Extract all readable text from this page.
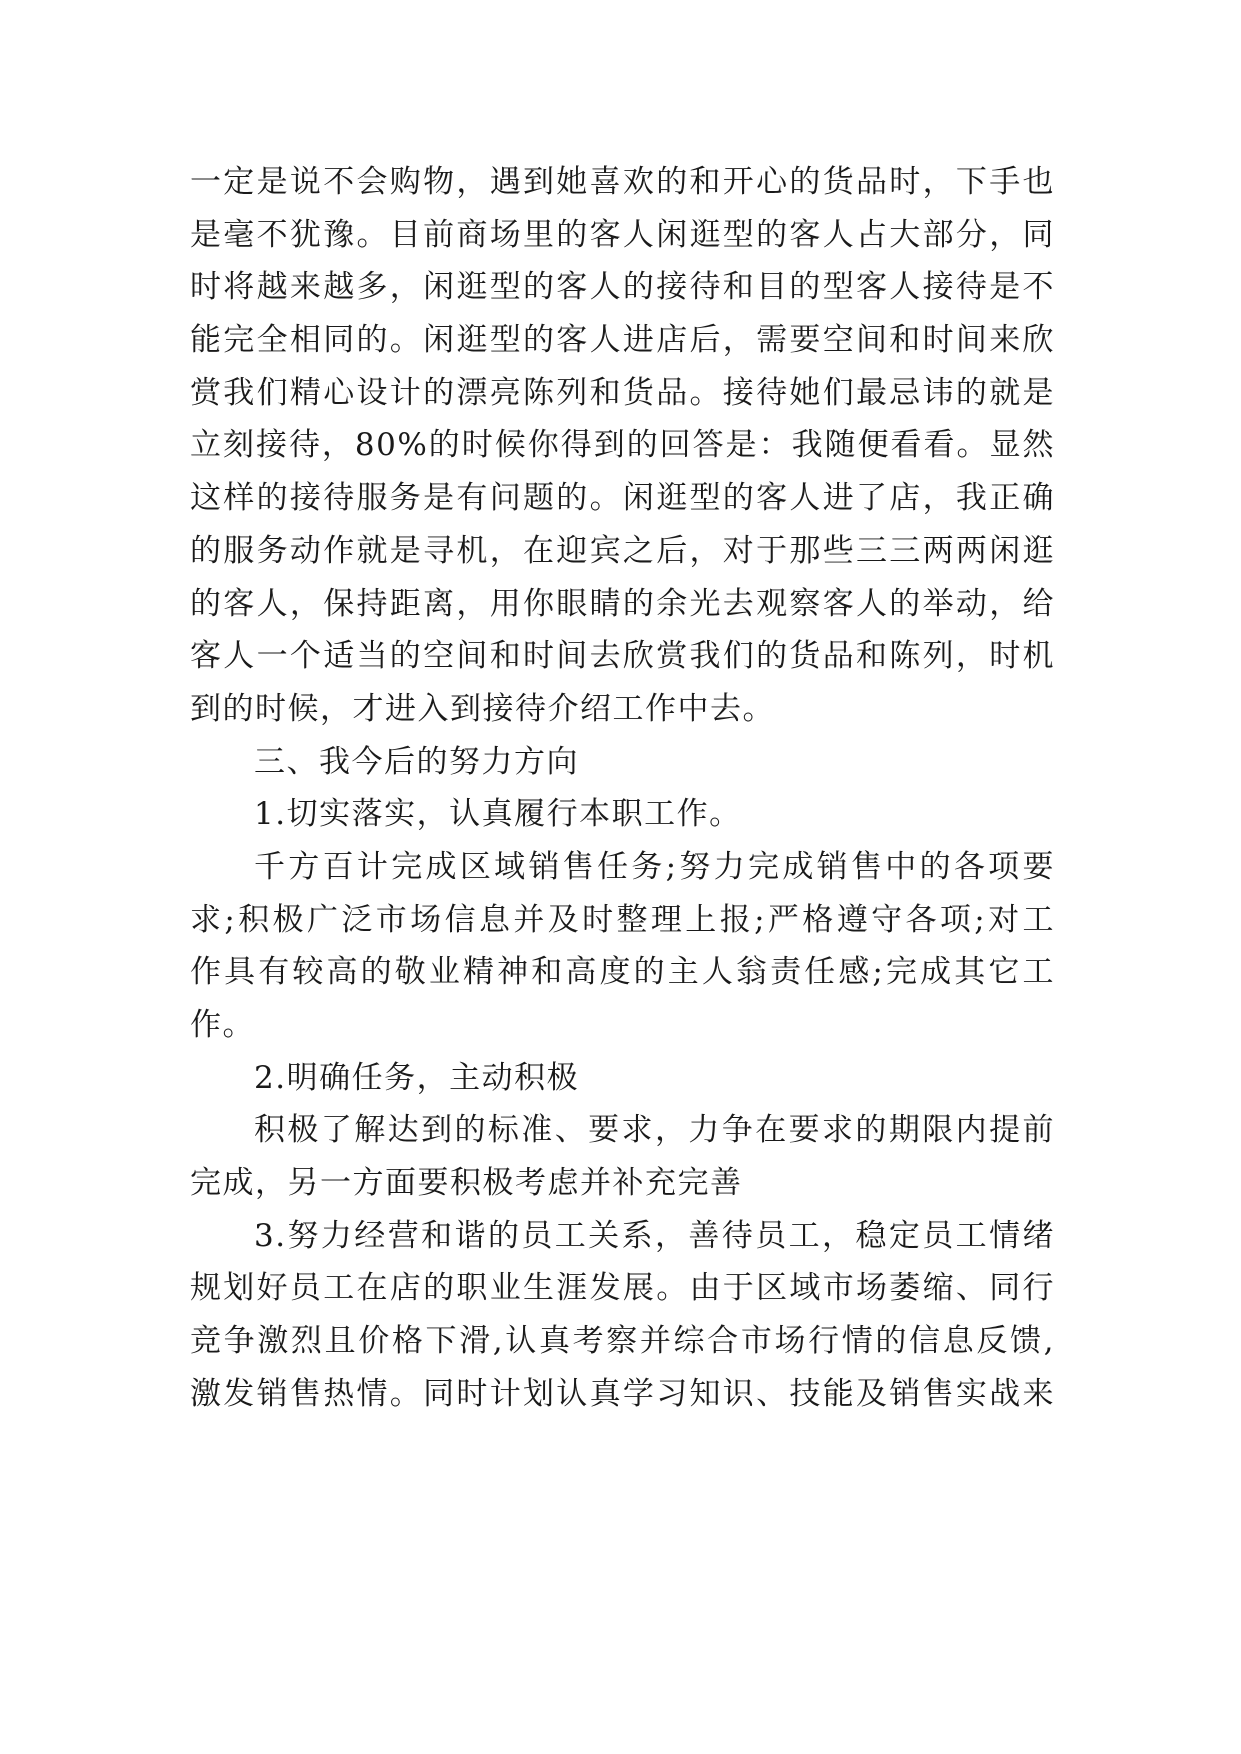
一定是说不会购物，遇到她喜欢的和开心的货品时，下手也
是毫不犹豫。目前商场里的客人闲逛型的客人占大部分，同
时将越来越多，闲逛型的客人的接待和目的型客人接待是不
能完全相同的。闲逛型的客人进店后，需要空间和时间来欣
赏我们精心设计的漂亮陈列和货品。接待她们最忌讳的就是
立刻接待，80%的时候你得到的回答是：我随便看看。显然
这样的接待服务是有问题的。闲逛型的客人进了店，我正确
的服务动作就是寻机，在迎宾之后，对于那些三三两两闲逛
的客人，保持距离，用你眼睛的余光去观察客人的举动，给
客人一个适当的空间和时间去欣赏我们的货品和陈列，时机
到的时候，才进入到接待介绍工作中去。
三、我今后的努力方向
1.切实落实，认真履行本职工作。
千方百计完成区域销售任务;努力完成销售中的各项要
求;积极广泛市场信息并及时整理上报;严格遵守各项;对工
作具有较高的敬业精神和高度的主人翁责任感;完成其它工
作。
2.明确任务，主动积极
积极了解达到的标准、要求，力争在要求的期限内提前
完成，另一方面要积极考虑并补充完善
3.努力经营和谐的员工关系，善待员工，稳定员工情绪
规划好员工在店的职业生涯发展。由于区域市场萎缩、同行
竞争激烈且价格下滑,认真考察并综合市场行情的信息反馈,
激发销售热情。同时计划认真学习知识、技能及销售实战来
